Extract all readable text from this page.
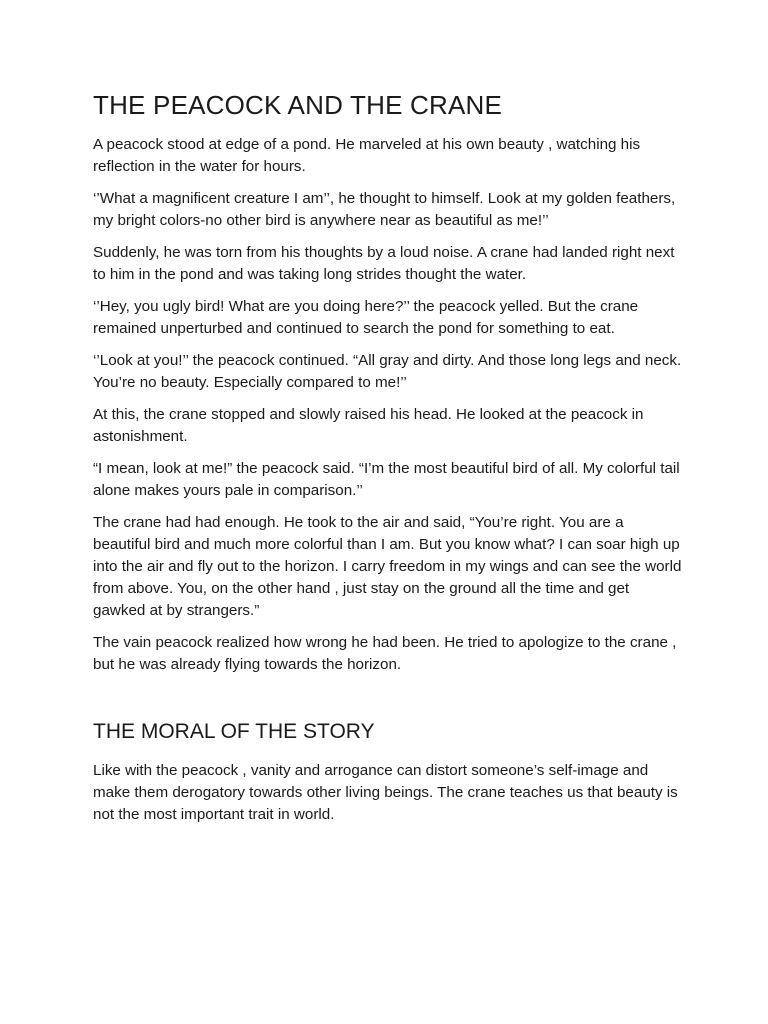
THE PEACOCK AND THE CRANE

A peacock stood at edge of a pond. He marveled at his own beauty , watching his reflection in the water for hours.

‘’What a magnificent creature I am’’, he thought to himself. Look at my golden feathers, my bright colors-no other bird is anywhere near as beautiful as me!’’

Suddenly, he was torn from his thoughts by a loud noise. A crane had landed right next to him in the pond and was taking long strides thought the water.

‘’Hey, you ugly bird! What are you doing here?’’ the peacock yelled. But the crane remained unperturbed and continued to search the pond for something to eat.

‘’Look at you!’’ the peacock continued. “All gray and dirty. And those long legs and neck. You’re no beauty. Especially compared to me!’’

At this, the crane stopped and slowly raised his head. He looked at the peacock in astonishment.

“I mean, look at me!” the peacock said. “I’m the most beautiful bird of all. My colorful tail alone makes yours pale in comparison.’’

The crane had had enough. He took to the air and said, “You’re right. You are a beautiful bird and much more colorful than I am. But you know what? I can soar high up into the air and fly out to the horizon. I carry freedom in my wings and can see the world from above. You, on the other hand , just stay on the ground all the time and get gawked at by strangers.”

The vain peacock realized how wrong he had been. He tried to apologize to the crane , but he was already flying towards the horizon.

THE MORAL OF THE STORY

Like with the peacock , vanity and arrogance can distort someone’s self-image and make them derogatory towards other living beings. The crane teaches us that beauty is not the most important trait in world.
